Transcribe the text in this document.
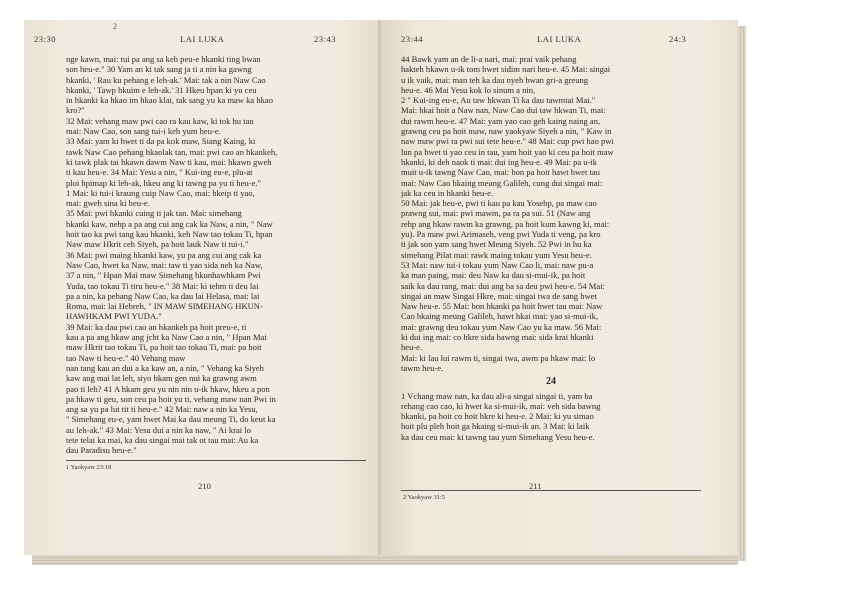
2
23:30	LAI LUKA	23:43
nge kawn, mai: tui pa ang sa keh peu-e hkanki ting bwan
son heu-e." 30 Yam an ki tak sang ja ti a nin ka gawng
hkanki, ' Rau ku pehang e leh-ak.' Mai: tak a nin Naw Cao
hkanki, ' Tawp hkuim e leh-ak.' 31 Hkeu hpan ki yu ceu
in hkanki ka hkao im hkao klai, tak sang yu ka maw ka hkao
kro?"
32 Mai: vehang maw pwi cao ra kau kaw, ki tok hu tau
mai: Naw Cao, son sang tui-i keh yum heu-e.
33 Mai: yam ki hwet ti da pa kok maw, Siang Kaing, ki
tawk Naw Cao pehang hkaolak tan, mai: pwi cao an hkankeh,
ki tawk plak tai hkawn dawm Naw ti kau, mai: hkawn gweh
ti kau heu-e. 34 Mai: Yesu a nin, " Kui-ing eu-e, plu-at
ploi hpimap ki leh-ak, hkeu ang ki tawng pa yu ti heu-e."
1 Mai: ki tui-i kraung cuip Naw Cao, mai: hkeip ti yao,
mai: gweh sina ki heu-e.
35 Mai: pwi hkanki cuing ti jak tan. Mai: simehang
hkanki kaw, nehp a pa ang cui ang cak ka Naw, a nin, " Naw
hoit tao ka pwi tang kau hkanki, keh Naw tao tokau Ti, hpan
Naw maw Hkrit ceh Siyeh, pa hoit lauk Naw ti tui-i."
36 Mai: pwi maing hkanki kaw, yu pa ang cui ang cak ka
Naw Cao, hwet ka Naw, mai: taw ti yao sida neh ka Naw,
37 a nin, " Hpan Mai maw Simehang hkunhawhkam Pwi
Yuda, tao tokau Ti tiru heu-e." 38 Mai: ki tehm ti deu lai
pa a nin, ka pehang Naw Cao, ka dau lai Helasa, mai: lai
Roma, mai: lai Hebreh, " IN MAW SIMEHANG HKUN-
HAWHKAM PWI YUDA."
39 Mai: ka dau pwi cao an hkankeh pa hoit preu-e, ti
kau a pa ang hkaw ang jcht ka Naw Cao a nin, " Hpan Mai
maw Hkrit tao tokau Ti, pa hoit tao tokau Ti, mai: pa hoit
tao Naw ti heu-e." 40 Vehang maw
nan tang kau an dui a ka kaw an, a nin, " Vehang ka Siyeh
kaw ang mai lat leh, siyo hkam gen nui ka grawng awm
pao ti leh? 41 A hkam geu yu nin nin u-ik hkaw, hkeu a pon
pa hkaw ti geu, son ceu pa hoit yu ti, vehang maw nan Pwi in
ang sa yu pa lut tit ti heu-e." 42 Mai: naw a nin ka Yesu,
" Simehang eu-e, yam hwet Mai ka dau meung Ti, do keut ka
au leh-ak." 43 Mai: Yesu dui a nin ka naw, " Ai krai lo
tete telai ka mai, ka dau singai mai tak ot tau mai: Au ka
dau Paradisu heu-e."
1 Yaokyaw 23:18
210
23:44	LAI LUKA	24:3
44 Bawk yam an de li-a nari, mai: prai vaik pehang
hakteh hkawn u-ik tom hwet sidim nari heu-e. 45 Mai: singai
u ik vaik, mai: man teh ka dau nyeh bwan gri-a greung
heu-e. 46 Mai Yesu kok lo sinum a nin,
2 " Kui-ing eu-e, Au taw hkwan Ti ka dau tawmtai Mai."
Mai: hkai hoit a Naw nan, Naw Cao dui taw hkwan Ti, mai:
dui rawm heu-e. 47 Mai: yam yao cao geh kaing naing an,
grawng ceu pa hoit maw, naw yaokyaw Siyeh a nin, " Kaw in
naw maw pwi ra pwi sui tete heu-e." 48 Mai: cup pwi hao pwi
lun pa hwet ti yao ceu in tau, yam hoit yao ki ceu pa hoit maw
hkanki, ki deh naok ti mai: dui ing heu-e. 49 Mai: pa u-ik
muit u-ik tawng Naw Cao, mai: bon pa hoit hawt hwet tau
mai: Naw Cao hkaing meung Galileh, cung dui singai mai:
jak ka ceu in hkanki heu-e.
50 Mai: jak heu-e, pwi ti kau pa kau Yosehp, pa maw cao
prawng sui, mai: pwi mawm, pa ra pa sui. 51 (Naw ang
rehp ang hkaw rawm ka grawng, pa hoit kum kawng ki, mai:
yu). Pa maw pwi Arimaseh, veng pwi Yuda ti veng, pa kro
ti jak son yam sang hwet Meung Siyeh. 52 Pwi in hu ka
simehang Pilat mai: rawk maing tokau yum Yesu heu-e.
53 Mai: naw tui-i tokau yum Naw Cao li, mai: naw pu-a
ka man paing, mai: deu Naw ka dau si-mui-ik, pa hoit
saik ka dau rang, mai: dui ang ba sa deu pwi heu-e. 54 Mai:
singai an maw Singai Hkre, mai: singai twa de sang hwet
Naw heu-e. 55 Mai: bon hkanki pa hoit hwet tau mai: Naw
Cao hkaing meung Galileh, hawt hkai mai: yao si-mui-ik,
mai: grawng deu tokau yum Naw Cao yu ka maw. 56 Mai:
ki dui ing mai: co hkre sida bawng mai: sida krai hkanki
heu-e.
Mai: ki lau lui rawm ti, singai twa, awm pa hkaw mai: lo
tawm heu-e.
24
1 Vchang maw nan, ka dau ali-a singai singai ti, yam ba
rehang cao cao, ki hwet ka si-mui-ik, mai: veh sida bawng
hkanki, pa hoit co hoit hkre ki heu-e. 2 Mai: ki yu simao
hoit plu pleh hoit ga hkaing si-mui-ik an. 3 Mai: ki laik
ka dau ceu mai: ki tawng tau yum Simehang Yesu heu-e.
2 Yaokyaw 31:5
211
